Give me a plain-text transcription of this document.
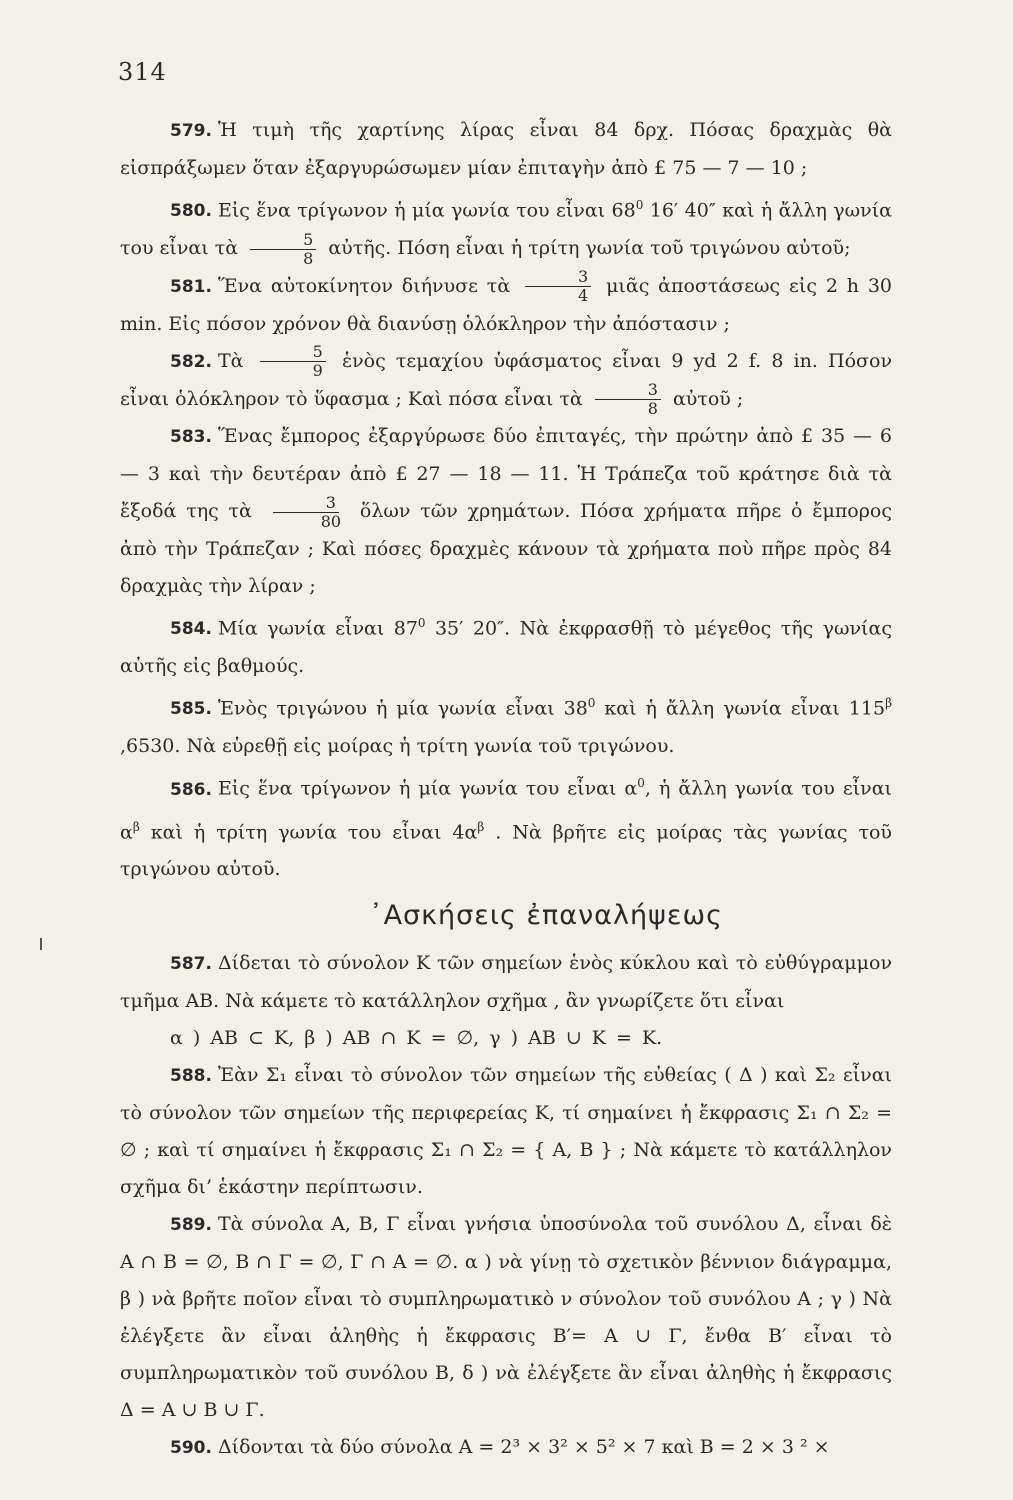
314

579. Ἡ τιμὴ τῆς χαρτίνης λίρας εἶναι 84 δρχ. Πόσας δραχμὰς θὰ εἰσπράξωμεν ὅταν ἐξαργυρώσωμεν μίαν ἐπιταγὴν ἀπὸ £ 75 — 7 — 10 ;

580. Εἰς ἕνα τρίγωνον ἡ μία γωνία του εἶναι $68^0$ 16′ 40″ καὶ ἡ ἄλλη γωνία του εἶναι τὰ $\frac{5}{8}$ αὐτῆς. Πόση εἶναι ἡ τρίτη γωνία τοῦ τριγώνου αὐτοῦ;

581. Ἕνα αὐτοκίνητον διήνυσε τὰ $\frac{3}{4}$ μιᾶς ἀποστάσεως εἰς 2 h 30 min. Εἰς πόσον χρόνον θὰ διανύσῃ ὁλόκληρον τὴν ἀπόστασιν ;

582. Τὰ $\frac{5}{9}$ ἑνὸς τεμαχίου ὑφάσματος εἶναι 9 yd 2 f. 8 in. Πόσον εἶναι ὁλόκληρον τὸ ὕφασμα ; Καὶ πόσα εἶναι τὰ $\frac{3}{8}$ αὐτοῦ ;

583. Ἕνας ἔμπορος ἐξαργύρωσε δύο ἐπιταγές, τὴν πρώτην ἀπὸ £ 35 — 6 — 3 καὶ τὴν δευτέραν ἀπὸ £ 27 — 18 — 11. Ἡ Τράπεζα τοῦ κράτησε διὰ τὰ ἔξοδά της τὰ $\frac{3}{80}$ ὅλων τῶν χρημάτων. Πόσα χρήματα πῆρε ὁ ἔμπορος ἀπὸ τὴν Τράπεζαν ; Καὶ πόσες δραχμὲς κάνουν τὰ χρήματα ποὺ πῆρε πρὸς 84 δραχμὰς τὴν λίραν ;

584. Μία γωνία εἶναι $87^0$ 35′ 20″. Νὰ ἐκφρασθῇ τὸ μέγεθος τῆς γωνίας αὐτῆς εἰς βαθμούς.

585. Ἑνὸς τριγώνου ἡ μία γωνία εἶναι $38^0$ καὶ ἡ ἄλλη γωνία εἶναι $115^\beta$ ,6530. Νὰ εὑρεθῇ εἰς μοίρας ἡ τρίτη γωνία τοῦ τριγώνου.

586. Εἰς ἕνα τρίγωνον ἡ μία γωνία του εἶναι $\alpha^0$, ἡ ἄλλη γωνία του εἶναι $\alpha^\beta$ καὶ ἡ τρίτη γωνία του εἶναι $4\alpha^\beta$ . Νὰ βρῆτε εἰς μοίρας τὰς γωνίας τοῦ τριγώνου αὐτοῦ.

᾽Ασκήσεις ἐπαναλήψεως

587. Δίδεται τὸ σύνολον Κ τῶν σημείων ἑνὸς κύκλου καὶ τὸ εὐθύγραμμον τμῆμα ΑΒ. Νὰ κάμετε τὸ κατάλληλον σχῆμα , ἂν γνωρίζετε ὅτι εἶναι

α ) ΑΒ ⊂ Κ, β ) ΑΒ ∩ Κ = ∅, γ ) ΑΒ ∪ Κ = Κ.

588. Ἐὰν Σ₁ εἶναι τὸ σύνολον τῶν σημείων τῆς εὐθείας ( Δ ) καὶ Σ₂ εἶναι τὸ σύνολον τῶν σημείων τῆς περιφερείας Κ, τί σημαίνει ἡ ἔκφρασις Σ₁ ∩ Σ₂ = ∅ ; καὶ τί σημαίνει ἡ ἔκφρασις Σ₁ ∩ Σ₂ = { Α, Β } ; Νὰ κάμετε τὸ κατάλληλον σχῆμα δι’ ἑκάστην περίπτωσιν.

589. Τὰ σύνολα Α, Β, Γ εἶναι γνήσια ὑποσύνολα τοῦ συνόλου Δ, εἶναι δὲ Α ∩ Β = ∅, Β ∩ Γ = ∅, Γ ∩ Α = ∅. α ) νὰ γίνῃ τὸ σχετικὸν βέννιον διάγραμμα, β ) νὰ βρῆτε ποῖον εἶναι τὸ συμπληρωματικὸ ν σύνολον τοῦ συνόλου Α ; γ ) Νὰ ἐλέγξετε ἂν εἶναι ἀληθὴς ἡ ἔκφρασις Β′= Α ∪ Γ, ἔνθα Β′ εἶναι τὸ συμπληρωματικὸν τοῦ συνόλου Β, δ ) νὰ ἐλέγξετε ἂν εἶναι ἀληθὴς ἡ ἔκφρασις Δ = Α ∪ Β ∪ Γ.

590. Δίδονται τὰ δύο σύνολα Α = 2³ × 3² × 5² × 7 καὶ Β = 2 × 3 ² ×
